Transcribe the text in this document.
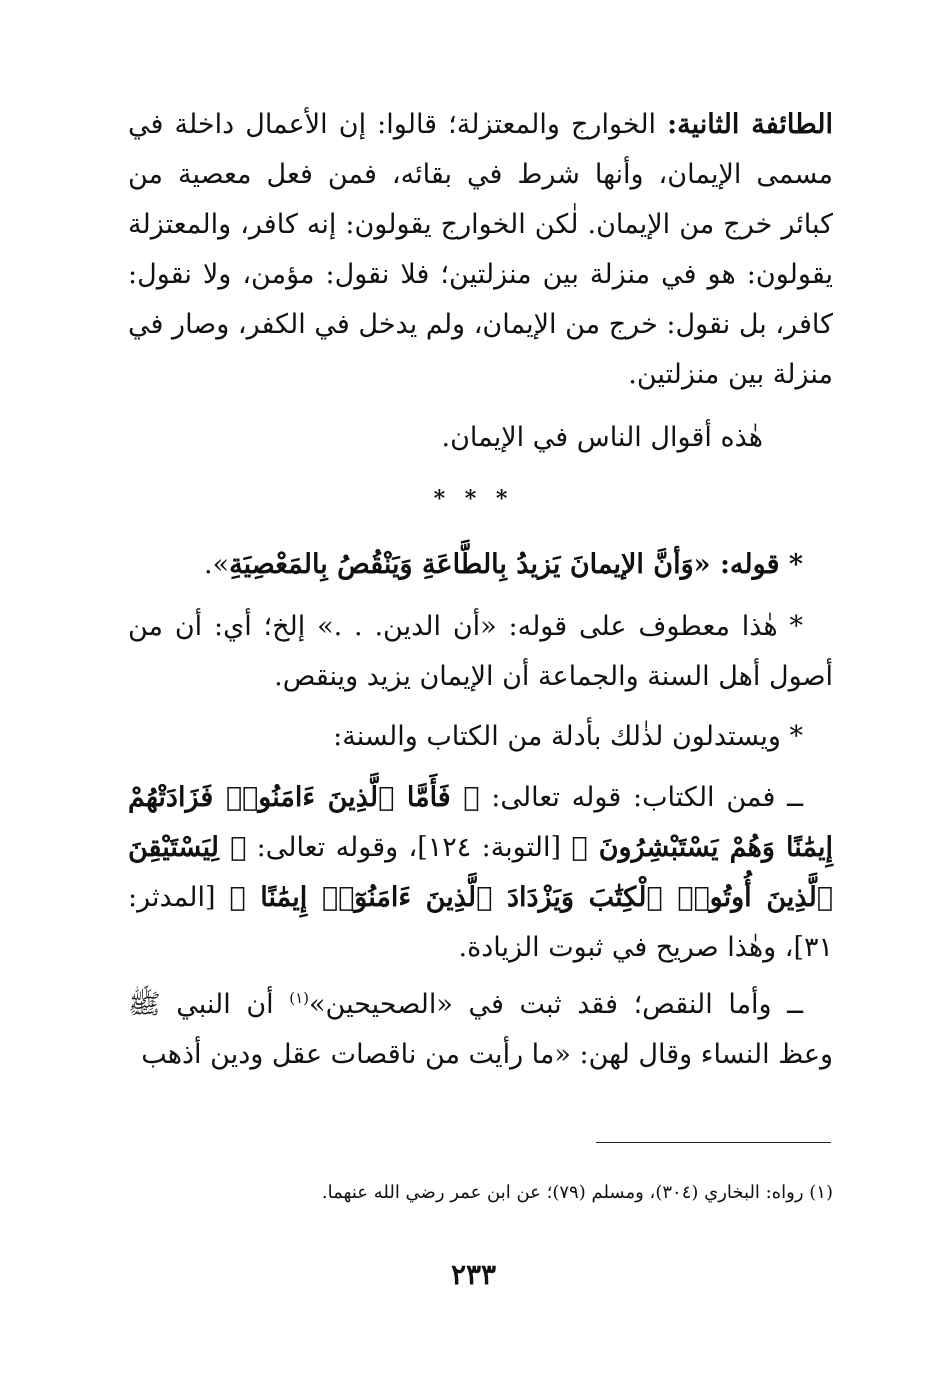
الطائفة الثانية: الخوارج والمعتزلة؛ قالوا: إن الأعمال داخلة في مسمى الإيمان، وأنها شرط في بقائه، فمن فعل معصية من كبائر خرج من الإيمان. لٰكن الخوارج يقولون: إنه كافر، والمعتزلة يقولون: هو في منزلة بين منزلتين؛ فلا نقول: مؤمن، ولا نقول: كافر، بل نقول: خرج من الإيمان، ولم يدخل في الكفر، وصار في منزلة بين منزلتين.

هٰذه أقوال الناس في الإيمان.

* * *

* قوله: «وَأنَّ الإيمانَ يَزيدُ بِالطَّاعَةِ وَيَنْقُصُ بِالمَعْصِيَةِ».

* هٰذا معطوف على قوله: «أن الدين. . .» إلخ؛ أي: أن من أصول أهل السنة والجماعة أن الإيمان يزيد وينقص.

* ويستدلون لذٰلك بأدلة من الكتاب والسنة:

ــ فمن الكتاب: قوله تعالى: ﴿ فَأَمَّا ٱلَّذِينَ ءَامَنُوا۟ فَزَادَتْهُمْ إِيمَٰنًا وَهُمْ يَسْتَبْشِرُونَ ﴾ [التوبة: ١٢٤]، وقوله تعالى: ﴿ لِيَسْتَيْقِنَ ٱلَّذِينَ أُوتُوا۟ ٱلْكِتَٰبَ وَيَزْدَادَ ٱلَّذِينَ ءَامَنُوٓا۟ إِيمَٰنًا ﴾ [المدثر: ٣١]، وهٰذا صريح في ثبوت الزيادة.

ــ وأما النقص؛ فقد ثبت في «الصحيحين»$^{(١)}$ أن النبي ﷺ وعظ النساء وقال لهن: «ما رأيت من ناقصات عقل ودين أذهب

(١) رواه: البخاري (٣٠٤)، ومسلم (٧٩)؛ عن ابن عمر رضي الله عنهما.
٢٣٣
